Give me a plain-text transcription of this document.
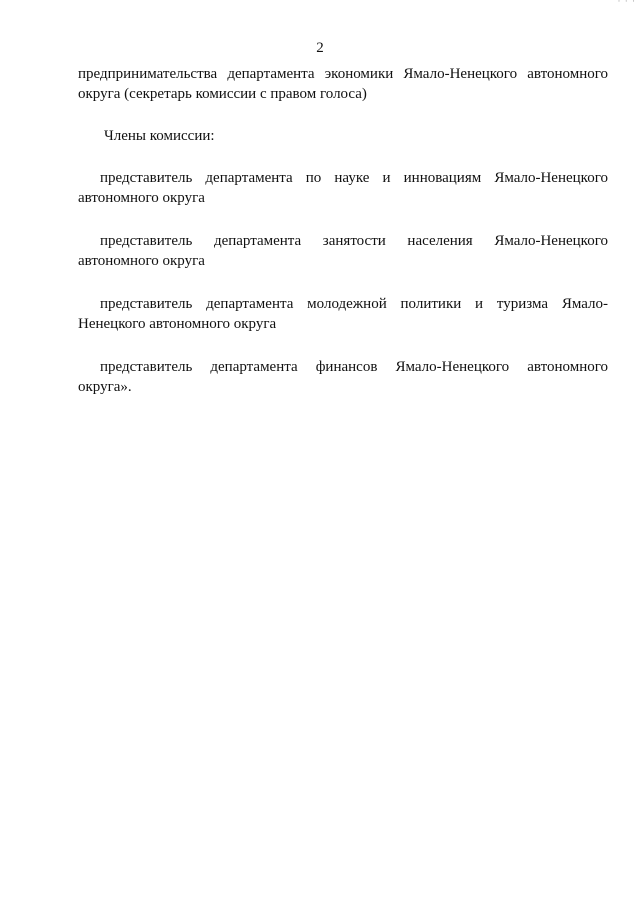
· · ·
2

предпринимательства департамента экономики Ямало-Ненецкого автономного округа (секретарь комиссии с правом голоса)

Члены комиссии:

представитель департамента по науке и инновациям Ямало-Ненецкого автономного округа

представитель департамента занятости населения Ямало-Ненецкого автономного округа

представитель департамента молодежной политики и туризма Ямало-Ненецкого автономного округа

представитель департамента финансов Ямало-Ненецкого автономного округа».
